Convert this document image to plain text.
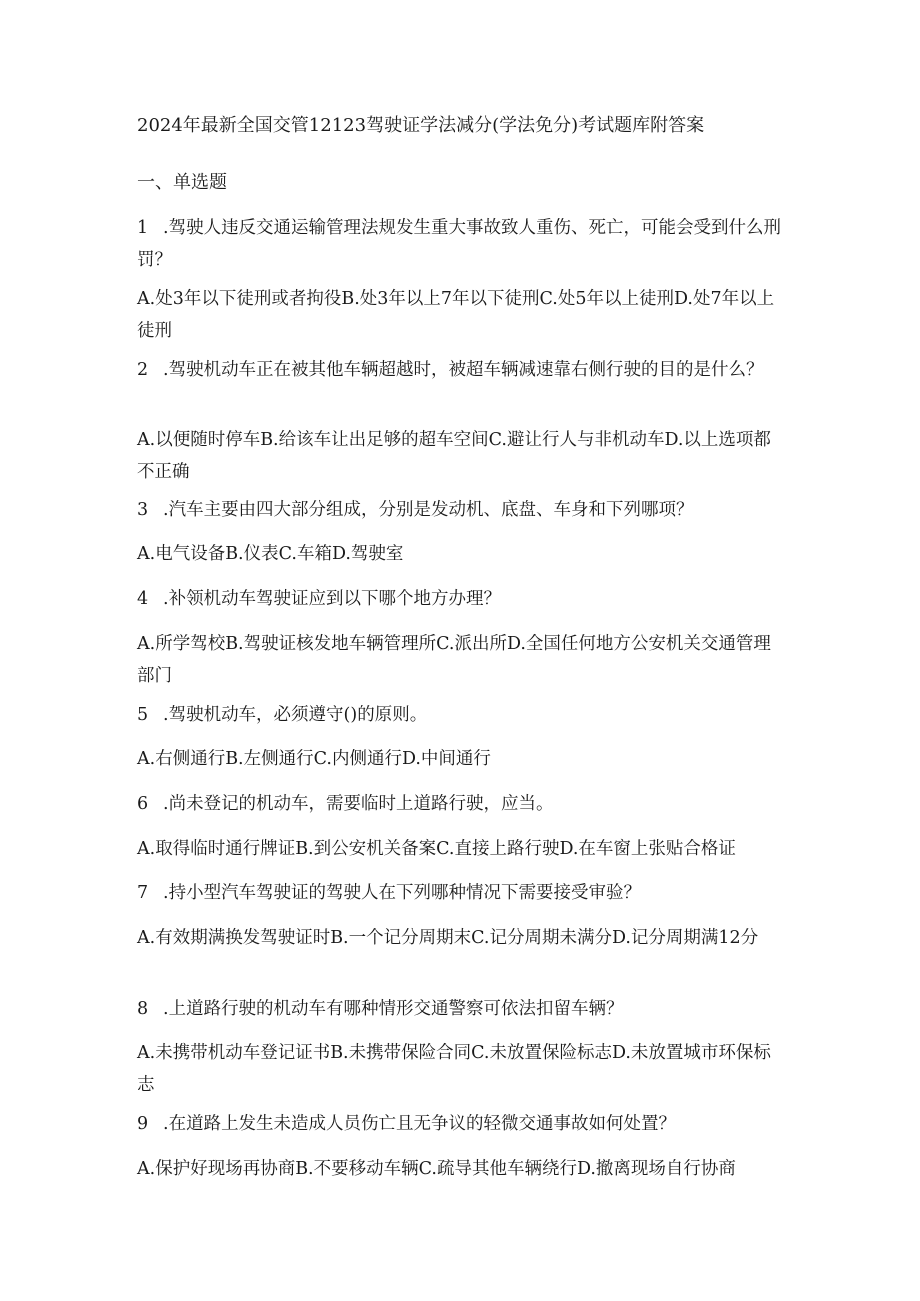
2024年最新全国交管12123驾驶证学法减分(学法免分)考试题库附答案
一、单选题
1 .驾驶人违反交通运输管理法规发生重大事故致人重伤、死亡，可能会受到什么刑罚？
A.处3年以下徒刑或者拘役B.处3年以上7年以下徒刑C.处5年以上徒刑D.处7年以上徒刑
2 .驾驶机动车正在被其他车辆超越时，被超车辆减速靠右侧行驶的目的是什么？
A.以便随时停车B.给该车让出足够的超车空间C.避让行人与非机动车D.以上选项都不正确
3 .汽车主要由四大部分组成，分别是发动机、底盘、车身和下列哪项？
A.电气设备B.仪表C.车箱D.驾驶室
4 .补领机动车驾驶证应到以下哪个地方办理？
A.所学驾校B.驾驶证核发地车辆管理所C.派出所D.全国任何地方公安机关交通管理部门
5 .驾驶机动车，必须遵守()的原则。
A.右侧通行B.左侧通行C.内侧通行D.中间通行
6 .尚未登记的机动车，需要临时上道路行驶，应当。
A.取得临时通行牌证B.到公安机关备案C.直接上路行驶D.在车窗上张贴合格证
7 .持小型汽车驾驶证的驾驶人在下列哪种情况下需要接受审验？
A.有效期满换发驾驶证时B.一个记分周期末C.记分周期未满分D.记分周期满12分
8 .上道路行驶的机动车有哪种情形交通警察可依法扣留车辆？
A.未携带机动车登记证书B.未携带保险合同C.未放置保险标志D.未放置城市环保标志
9 .在道路上发生未造成人员伤亡且无争议的轻微交通事故如何处置？
A.保护好现场再协商B.不要移动车辆C.疏导其他车辆绕行D.撤离现场自行协商
